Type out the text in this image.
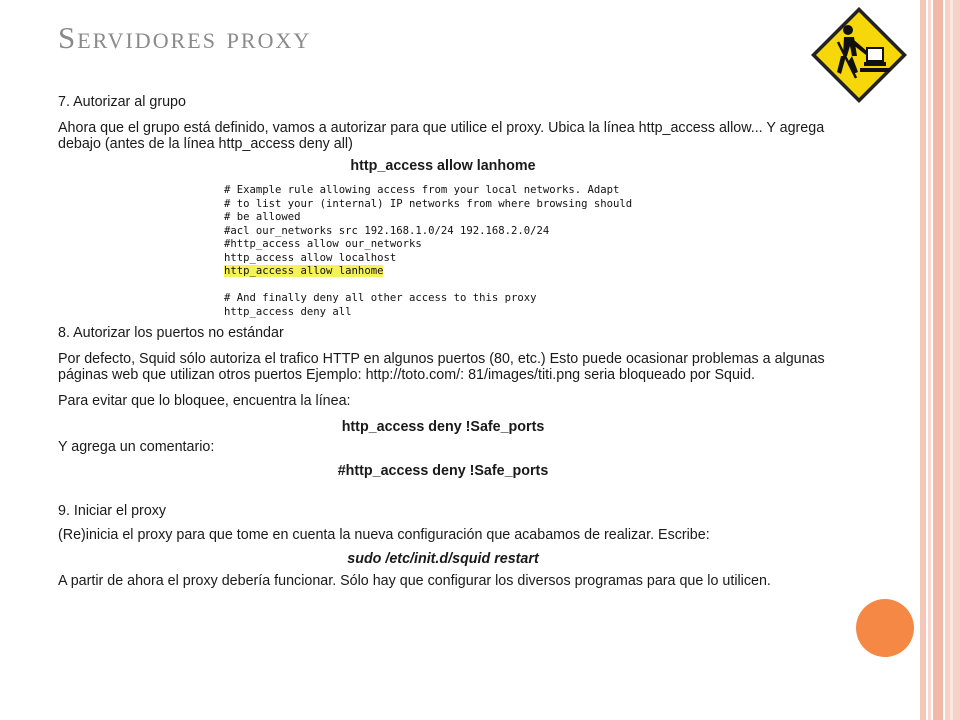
Servidores proxy

7. Autorizar al grupo

Ahora que el grupo está definido, vamos a autorizar para que utilice el proxy. Ubica la línea http_access allow... Y agrega debajo (antes de la línea http_access deny all)

http_access allow lanhome

# Example rule allowing access from your local networks. Adapt
# to list your (internal) IP networks from where browsing should
# be allowed
#acl our_networks src 192.168.1.0/24 192.168.2.0/24
#http_access allow our_networks
http_access allow localhost
http_access allow lanhome

# And finally deny all other access to this proxy
http_access deny all

8. Autorizar los puertos no estándar

Por defecto, Squid sólo autoriza el trafico HTTP en algunos puertos (80, etc.) Esto puede ocasionar problemas a algunas páginas web que utilizan otros puertos Ejemplo: http://toto.com/: 81/images/titi.png seria bloqueado por Squid.

Para evitar que lo bloquee, encuentra la línea:

http_access deny !Safe_ports

Y agrega un comentario:

#http_access deny !Safe_ports

9. Iniciar el proxy

(Re)inicia el proxy para que tome en cuenta la nueva configuración que acabamos de realizar. Escribe:

sudo /etc/init.d/squid restart

A partir de ahora el proxy debería funcionar. Sólo hay que configurar los diversos programas para que lo utilicen.
